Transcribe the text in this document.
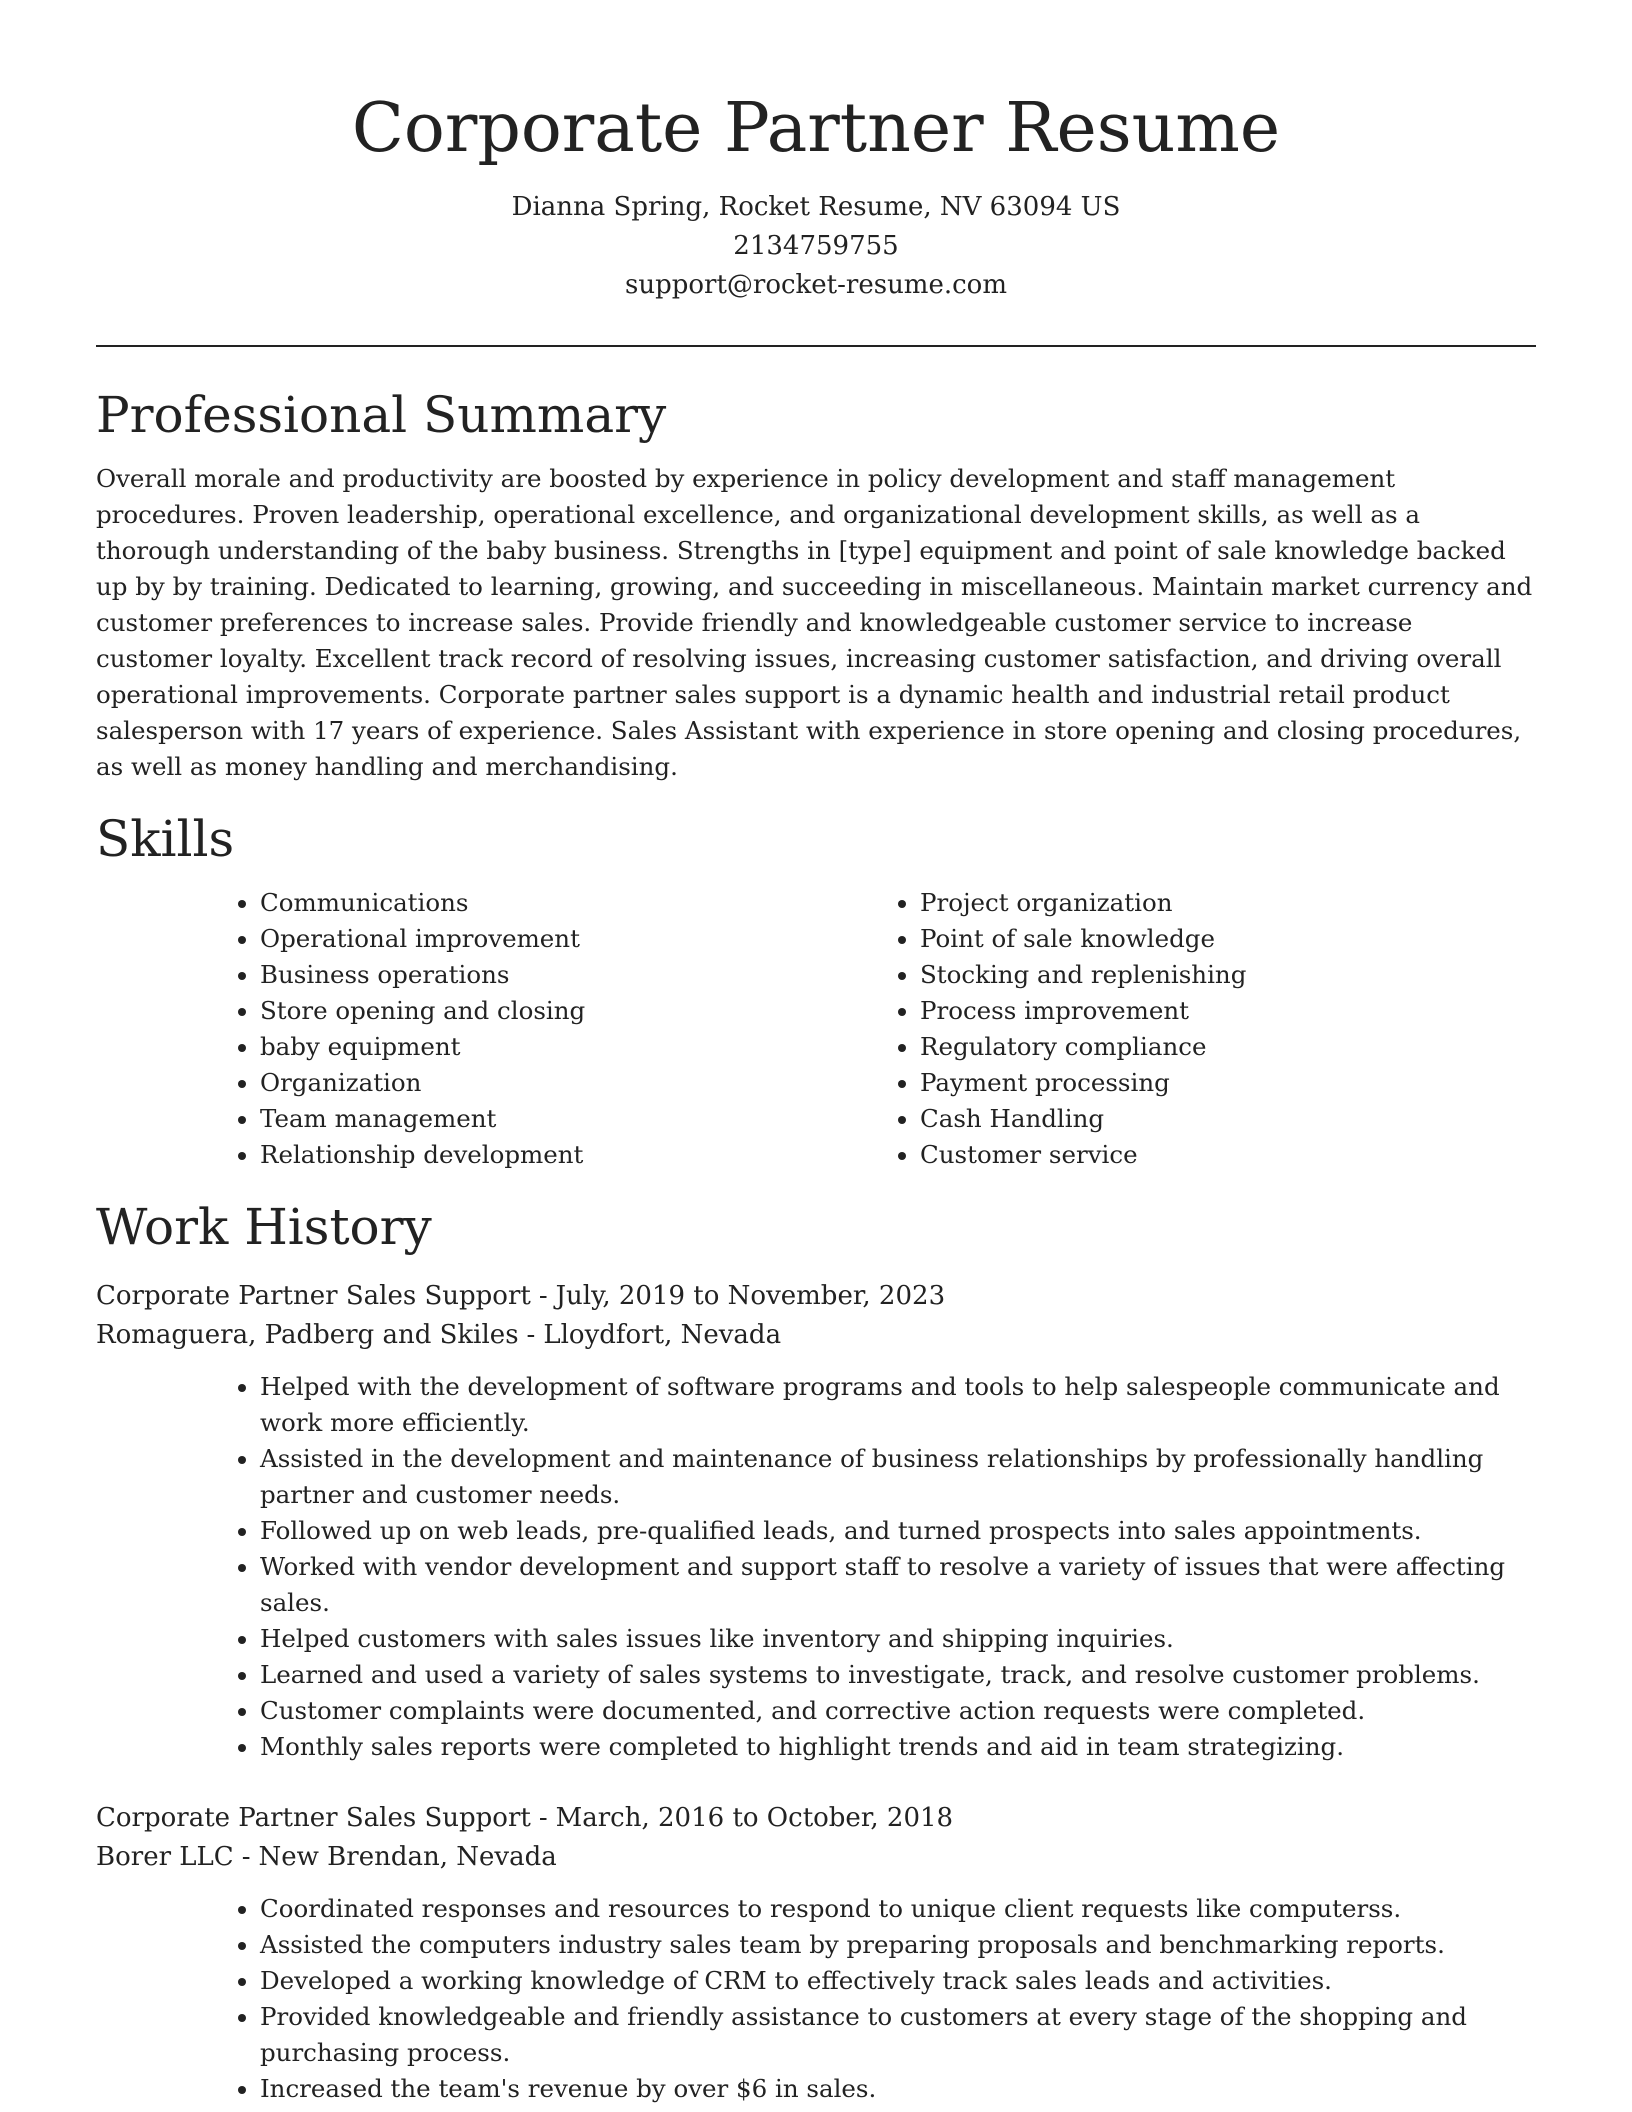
Corporate Partner Resume

Dianna Spring, Rocket Resume, NV 63094 US

2134759755

support@rocket-resume.com

Professional Summary

Overall morale and productivity are boosted by experience in policy development and staff management procedures. Proven leadership, operational excellence, and organizational development skills, as well as a thorough understanding of the baby business. Strengths in [type] equipment and point of sale knowledge backed up by by training. Dedicated to learning, growing, and succeeding in miscellaneous. Maintain market currency and customer preferences to increase sales. Provide friendly and knowledgeable customer service to increase customer loyalty. Excellent track record of resolving issues, increasing customer satisfaction, and driving overall operational improvements. Corporate partner sales support is a dynamic health and industrial retail product salesperson with 17 years of experience. Sales Assistant with experience in store opening and closing procedures, as well as money handling and merchandising.

Skills
• Communications
• Operational improvement
• Business operations
• Store opening and closing
• baby equipment
• Organization
• Team management
• Relationship development
• Project organization
• Point of sale knowledge
• Stocking and replenishing
• Process improvement
• Regulatory compliance
• Payment processing
• Cash Handling
• Customer service
Work History

Corporate Partner Sales Support - July, 2019 to November, 2023

Romaguera, Padberg and Skiles - Lloydfort, Nevada

• Helped with the development of software programs and tools to help salespeople communicate and work more efficiently.
• Assisted in the development and maintenance of business relationships by professionally handling partner and customer needs.
• Followed up on web leads, pre-qualified leads, and turned prospects into sales appointments.
• Worked with vendor development and support staff to resolve a variety of issues that were affecting sales.
• Helped customers with sales issues like inventory and shipping inquiries.
• Learned and used a variety of sales systems to investigate, track, and resolve customer problems.
• Customer complaints were documented, and corrective action requests were completed.
• Monthly sales reports were completed to highlight trends and aid in team strategizing.

Corporate Partner Sales Support - March, 2016 to October, 2018

Borer LLC - New Brendan, Nevada

• Coordinated responses and resources to respond to unique client requests like computerss.
• Assisted the computers industry sales team by preparing proposals and benchmarking reports.
• Developed a working knowledge of CRM to effectively track sales leads and activities.
• Provided knowledgeable and friendly assistance to customers at every stage of the shopping and purchasing process.
• Increased the team's revenue by over $6 in sales.
